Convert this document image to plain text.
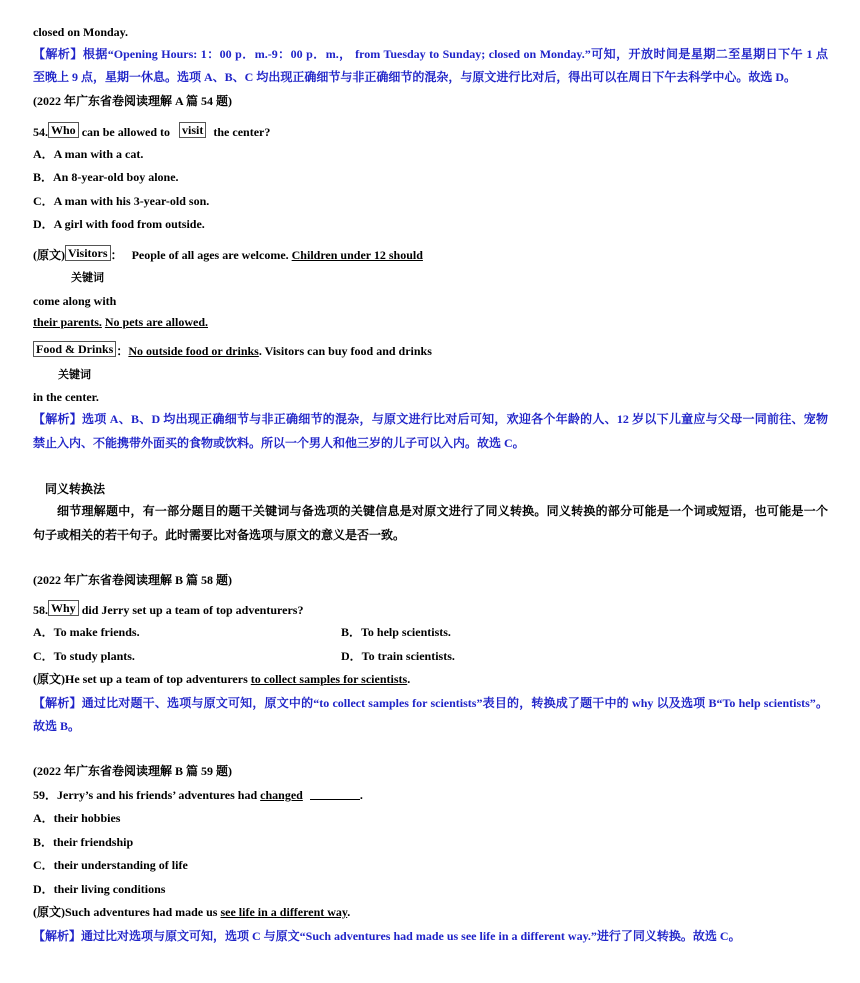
closed on Monday.
【解析】根据“Opening Hours: 1：00 p．m.-9：00 p．m.， from Tuesday to Sunday; closed on Monday.”可知，开放时间是星期二至星期日下午 1 点
至晚上 9 点，星期一休息。选项 A、B、C 均出现正确细节与非正确细节的混杂，与原文进行比对后，得出可以在周日下午去科学中心。故选 D。
(2022 年广东省卷阅读理解 A 篇 54 题)
54. Who can be allowed to visit the center?
A．A man with a cat.
B．An 8-year-old boy alone.
C．A man with his 3-year-old son.
D．A girl with food from outside.
(原文) Visitors ： People of all ages are welcome. Children under 12 should
关键词
come along with
their parents. No pets are allowed.
Food & Drinks ：No outside food or drinks. Visitors can buy food and drinks
关键词
in the center.
【解析】选项 A、B、D 均出现正确细节与非正确细节的混杂，与原文进行比对后可知，欢迎各个年龄的人、12 岁以下儿童应与父母一同前往、宠物
禁止入内、不能携带外面买的食物或饮料。所以一个男人和他三岁的儿子可以入内。故选 C。
同义转换法
细节理解题中，有一部分题目的题干关键词与备选项的关键信息是对原文进行了同义转换。同义转换的部分可能是一个词或短语，也可能是一个
句子或相关的若干句子。此时需要比对备选项与原文的意义是否一致。
(2022 年广东省卷阅读理解 B 篇 58 题)
58. Why did Jerry set up a team of top adventurers?
A．To make friends.	B．To help scientists.
C．To study plants.	D．To train scientists.
(原文)He set up a team of top adventurers to collect samples for scientists.
【解析】通过比对题干、选项与原文可知，原文中的“to collect samples for scientists”表目的，转换成了题干中的 why 以及选项 B“To help scientists”。
故选 B。
(2022 年广东省卷阅读理解 B 篇 59 题)
59．Jerry’s and his friends’ adventures had changed	.
A．their hobbies
B．their friendship
C．their understanding of life
D．their living conditions
(原文)Such adventures had made us see life in a different way.
【解析】通过比对选项与原文可知，选项 C 与原文“Such adventures had made us see life in a different way.”进行了同义转换。故选 C。
